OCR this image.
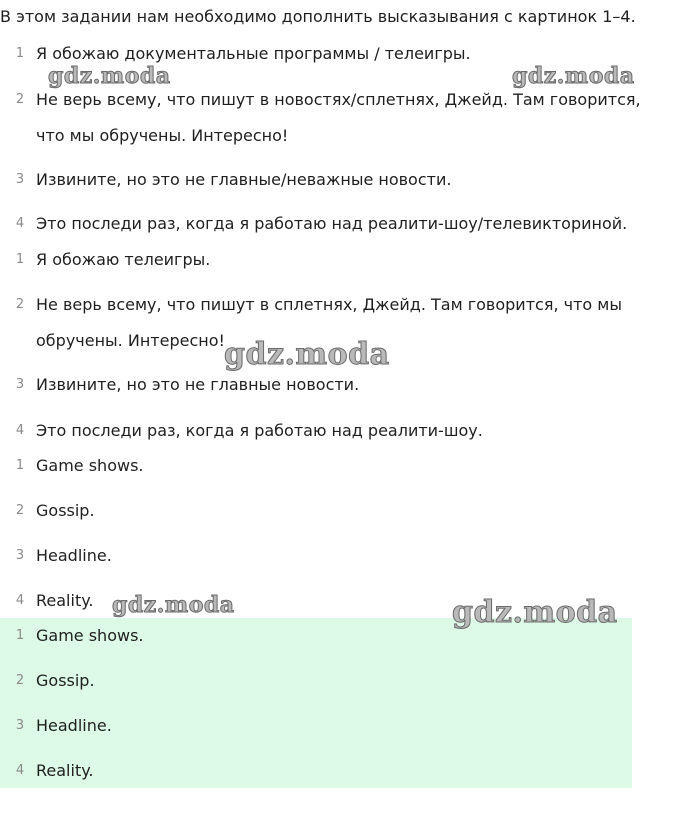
В этом задании нам необходимо дополнить высказывания с картинок 1–4.
1 Я обожаю документальные программы / телеигры.
2 Не верь всему, что пишут в новостях/сплетнях, Джейд. Там говорится, что мы обручены. Интересно!
3 Извините, но это не главные/неважные новости.
4 Это последи раз, когда я работаю над реалити-шоу/телевикториной.
1 Я обожаю телеигры.
2 Не верь всему, что пишут в сплетнях, Джейд. Там говорится, что мы обручены. Интересно!
3 Извините, но это не главные новости.
4 Это последи раз, когда я работаю над реалити-шоу.
1 Game shows.
2 Gossip.
3 Headline.
4 Reality.
1 Game shows.
2 Gossip.
3 Headline.
4 Reality.
gdz.moda	gdz.moda
gdz.moda
gdz.moda	gdz.moda
